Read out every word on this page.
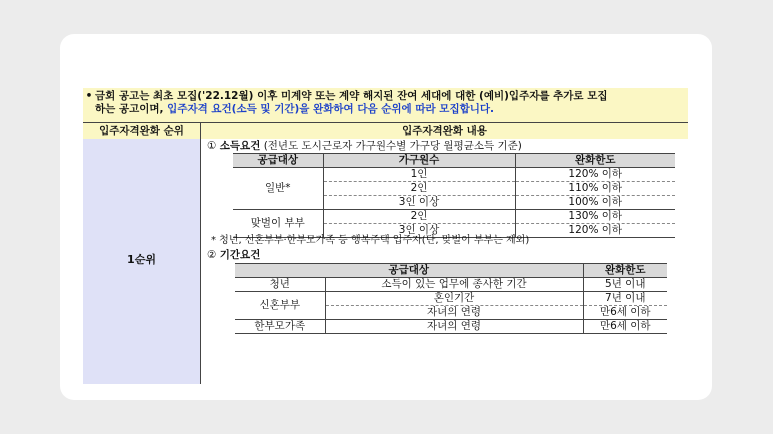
• 금회 공고는 최초 모집('22.12월) 이후 미계약 또는 계약 해지된 잔여 세대에 대한 (예비)입주자를 추가로 모집
하는 공고이며, 입주자격 요건(소득 및 기간)을 완화하여 다음 순위에 따라 모집합니다.
입주자격완화 순위	입주자격완화 내용
1순위
① 소득요건 (전년도 도시근로자 가구원수별 가구당 월평균소득 기준)
공급대상	가구원수	완화한도
일반*	1인	120% 이하
	2인	110% 이하
	3인 이상	100% 이하
맞벌이 부부	2인	130% 이하
	3인 이상	120% 이하
* 청년, 신혼부부·한부모가족 등 행복주택 입주자(단, 맞벌이 부부는 제외)
② 기간요건
공급대상		완화한도
청년	소득이 있는 업무에 종사한 기간	5년 이내
신혼부부	혼인기간	7년 이내
	자녀의 연령	만6세 이하
한부모가족	자녀의 연령	만6세 이하
